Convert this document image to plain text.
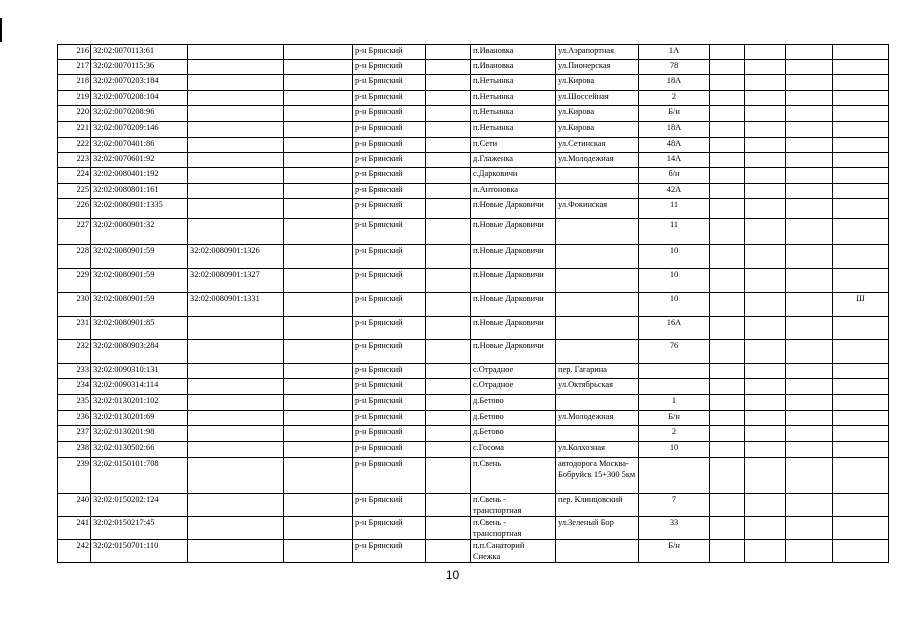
216	32:02:0070113:61			р-н Брянский		п.Ивановка	ул.Аэрапортная	1А				
217	32:02:0070115:36			р-н Брянский		п.Ивановка	ул.Пионерская	78				
218	32:02:0070203:184			р-н Брянский		п.Нетьинка	ул.Кирова	18А				
219	32:02:0070208:104			р-н Брянский		п.Нетьинка	ул.Шоссейная	2				
220	32:02:0070208:96			р-н Брянский		п.Нетьинка	ул.Кирова	Б/н				
221	32:02:0070209:146			р-н Брянский		п.Нетьинка	ул.Кирова	18А				
222	32:02:0070401:86			р-н Брянский		п.Сети	ул.Сетинская	48А				
223	32:02:0070601:92			р-н Брянский		д.Глаженка	ул.Молодежная	14А				
224	32:02:0080401:192			р-н Брянский		с.Дарковичи		б/н				
225	32:02:0080801:161			р-н Брянский		п.Антоновка		42А				
226	32:02:0080901:1335			р-н Брянский		п.Новые Дарковичи	ул.Фокинская	11				
227	32:02:0080901:32			р-н Брянский		п.Новые Дарковичи		11				
228	32:02:0080901:59	32:02:0080901:1326		р-н Брянский		п.Новые Дарковичи		10				
229	32:02:0080901:59	32:02:0080901:1327		р-н Брянский		п.Новые Дарковичи		10				
230	32:02:0080901:59	32:02:0080901:1331		р-н Брянский		п.Новые Дарковичи		10				Ш
231	32:02:0080901:85			р-н Брянский		п.Новые Дарковичи		16А				
232	32:02:0080903:284			р-н Брянский		п.Новые Дарковичи		76				
233	32:02:0090310:131			р-н Брянский		с.Отрадное	пер. Гагарина					
234	32:02:0090314:114			р-н Брянский		с.Отрадное	ул.Октябрьская					
235	32:02:0130201:102			р-н Брянский		д.Бетово		1				
236	32:02:0130201:69			р-н Брянский		д.Бетово	ул.Молодежная	Б/н				
237	32:02:0130201:98			р-н Брянский		д.Бетово		2				
238	32:02:0130502:66			р-н Брянский		с.Госома	ул.Колхозная	10				
239	32:02:0150101:708			р-н Брянский		п.Свень	автодорога Москва-Бобруйск 15+300 5км					
240	32:02:0150202:124			р-н Брянский		п.Свень - транспортная	пер. Клинцовский	7				
241	32:02:0150217:45			р-н Брянский		п.Свень - транспортная	ул.Зеленый Бор	33				
242	32:02:0150701:110			р-н Брянский		п.п.Санаторий Снежка		Б/н				
10
